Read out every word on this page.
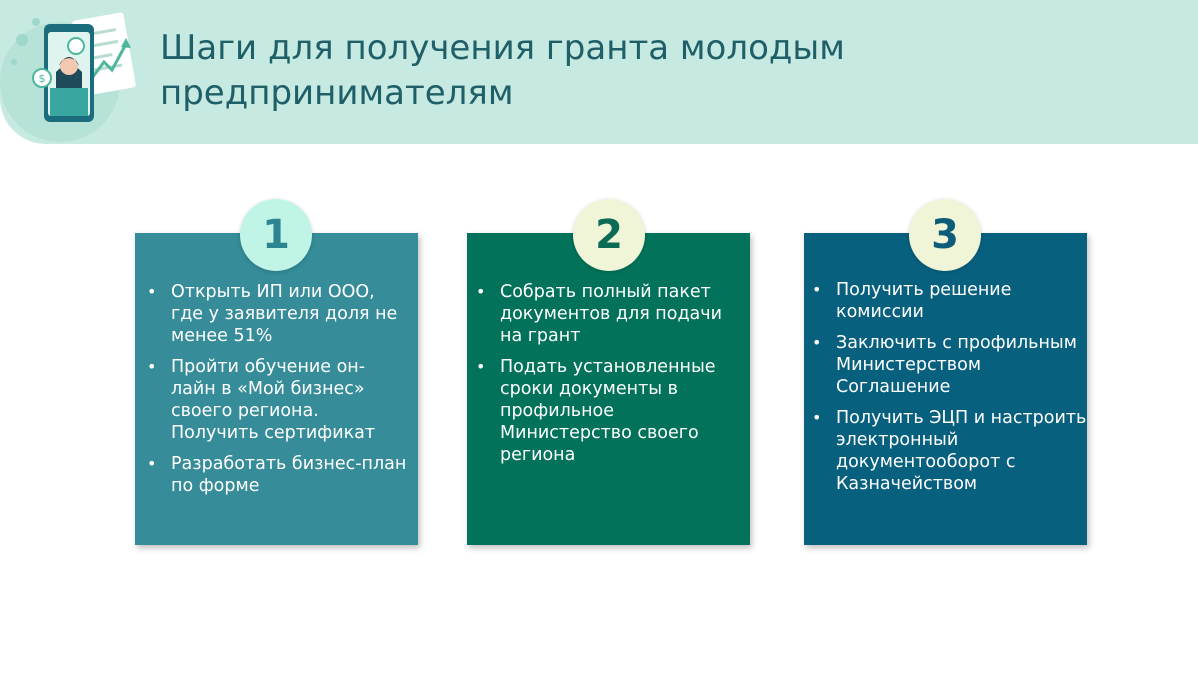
$
Шаги для получения гранта молодым предпринимателям
1
• Открыть ИП или ООО, где у заявителя доля не менее 51%
• Пройти обучение он-лайн в «Мой бизнес» своего региона. Получить сертификат
• Разработать бизнес-план по форме
2
• Собрать полный пакет документов для подачи на грант
• Подать установленные сроки документы в профильное Министерство своего региона
3
• Получить решение комиссии
• Заключить с профильным Министерством Соглашение
• Получить ЭЦП и настроить электронный документооборот с Казначейством
